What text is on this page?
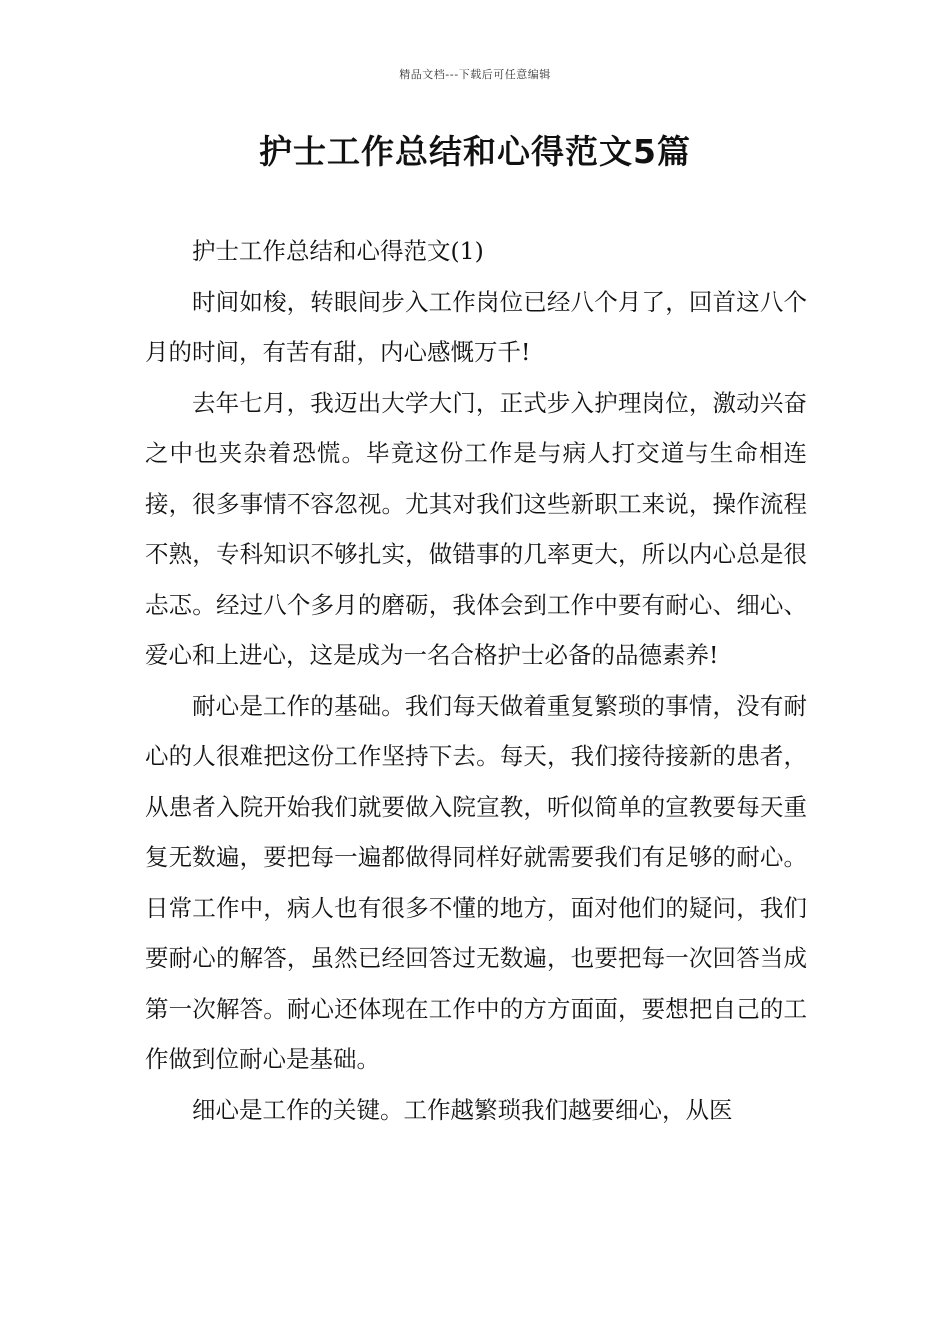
精品文档---下载后可任意编辑
护士工作总结和心得范文5篇

护士工作总结和心得范文(1)

时间如梭，转眼间步入工作岗位已经八个月了，回首这八个月的时间，有苦有甜，内心感慨万千!

去年七月，我迈出大学大门，正式步入护理岗位，激动兴奋之中也夹杂着恐慌。毕竟这份工作是与病人打交道与生命相连接，很多事情不容忽视。尤其对我们这些新职工来说，操作流程不熟，专科知识不够扎实，做错事的几率更大，所以内心总是很忐忑。经过八个多月的磨砺，我体会到工作中要有耐心、细心、爱心和上进心，这是成为一名合格护士必备的品德素养!

耐心是工作的基础。我们每天做着重复繁琐的事情，没有耐心的人很难把这份工作坚持下去。每天，我们接待接新的患者，从患者入院开始我们就要做入院宣教，听似简单的宣教要每天重复无数遍，要把每一遍都做得同样好就需要我们有足够的耐心。日常工作中，病人也有很多不懂的地方，面对他们的疑问，我们要耐心的解答，虽然已经回答过无数遍，也要把每一次回答当成第一次解答。耐心还体现在工作中的方方面面，要想把自己的工作做到位耐心是基础。

细心是工作的关键。工作越繁琐我们越要细心，从医
